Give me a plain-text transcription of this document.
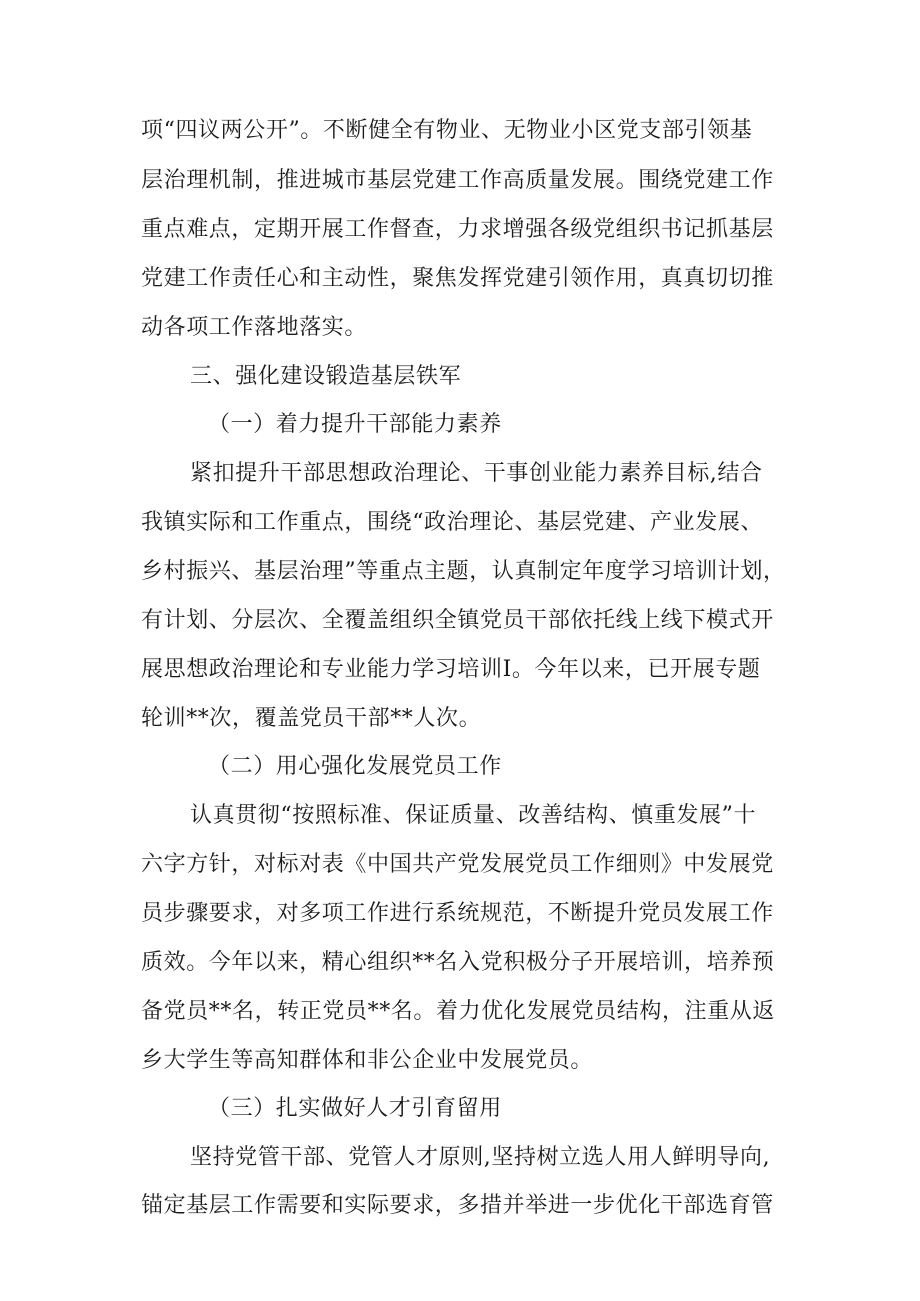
项“四议两公开”。不断健全有物业、无物业小区党支部引领基
层治理机制，推进城市基层党建工作高质量发展。围绕党建工作
重点难点，定期开展工作督查，力求增强各级党组织书记抓基层
党建工作责任心和主动性，聚焦发挥党建引领作用，真真切切推
动各项工作落地落实。
三、强化建设锻造基层铁军
（一）着力提升干部能力素养
紧扣提升干部思想政治理论、干事创业能力素养目标,结合
我镇实际和工作重点，围绕“政治理论、基层党建、产业发展、
乡村振兴、基层治理”等重点主题，认真制定年度学习培训计划，
有计划、分层次、全覆盖组织全镇党员干部依托线上线下模式开
展思想政治理论和专业能力学习培训I。今年以来，已开展专题
轮训**次，覆盖党员干部**人次。
（二）用心强化发展党员工作
认真贯彻“按照标准、保证质量、改善结构、慎重发展”十
六字方针，对标对表《中国共产党发展党员工作细则》中发展党
员步骤要求，对多项工作进行系统规范，不断提升党员发展工作
质效。今年以来，精心组织**名入党积极分子开展培训，培养预
备党员**名，转正党员**名。着力优化发展党员结构，注重从返
乡大学生等高知群体和非公企业中发展党员。
（三）扎实做好人才引育留用
坚持党管干部、党管人才原则,坚持树立选人用人鲜明导向,
锚定基层工作需要和实际要求，多措并举进一步优化干部选育管
